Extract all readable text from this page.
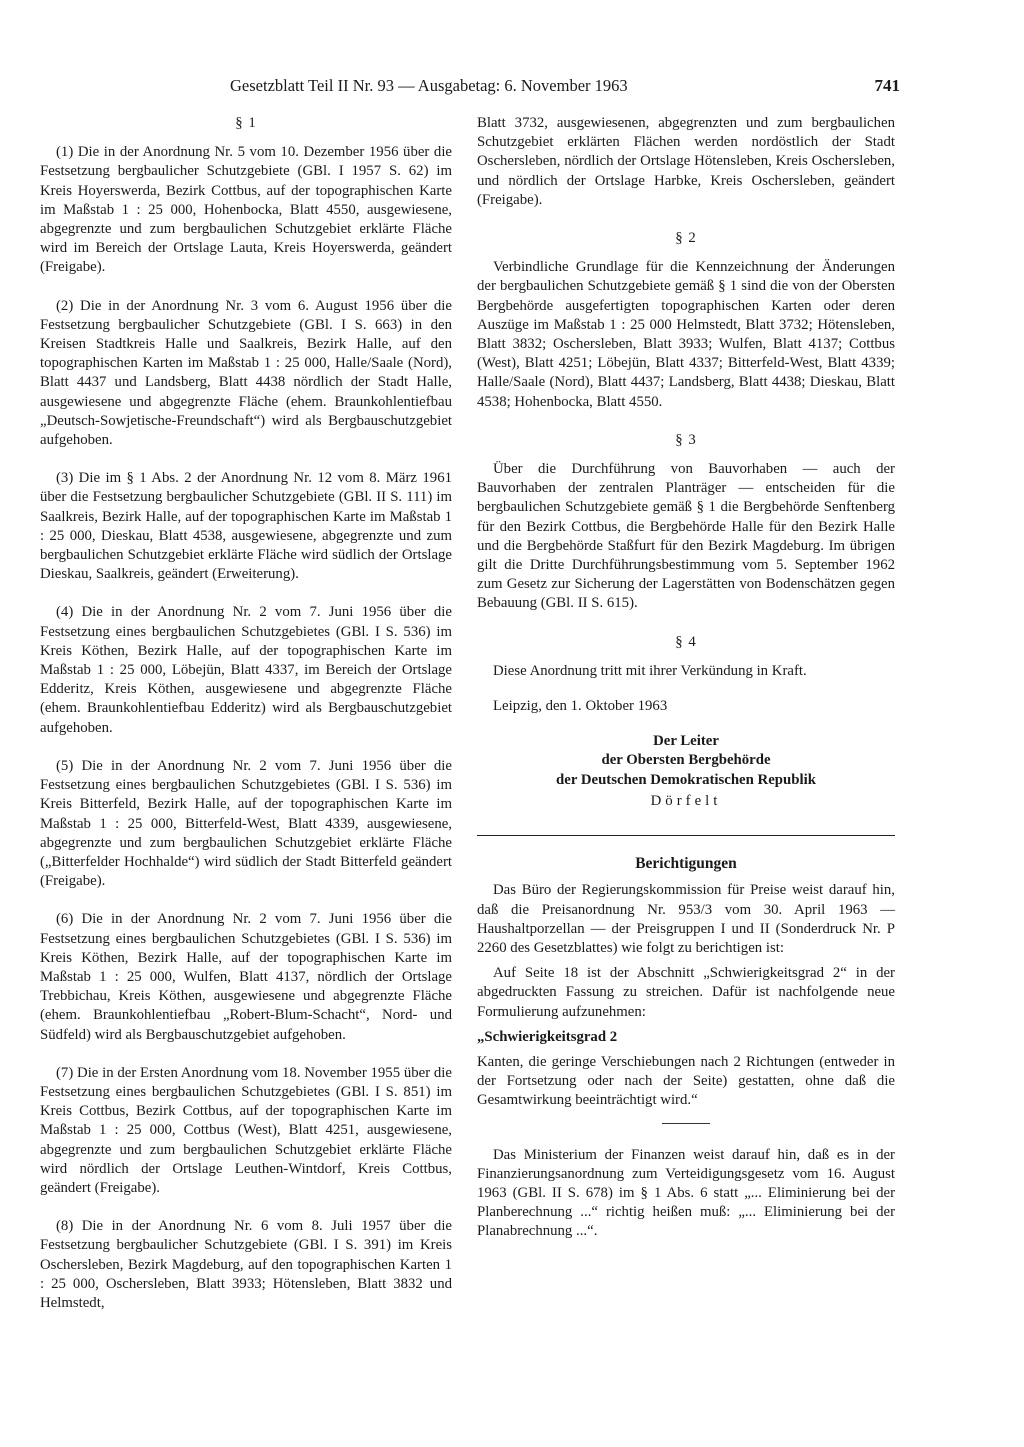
Gesetzblatt Teil II Nr. 93 — Ausgabetag: 6. November 1963	741

§ 1

(1) Die in der Anordnung Nr. 5 vom 10. Dezember 1956 über die Festsetzung bergbaulicher Schutzgebiete (GBl. I 1957 S. 62) im Kreis Hoyerswerda, Bezirk Cottbus, auf der topographischen Karte im Maßstab 1 : 25 000, Hohenbocka, Blatt 4550, ausgewiesene, abgegrenzte und zum bergbaulichen Schutzgebiet erklärte Fläche wird im Bereich der Ortslage Lauta, Kreis Hoyerswerda, geändert (Freigabe).

(2) Die in der Anordnung Nr. 3 vom 6. August 1956 über die Festsetzung bergbaulicher Schutzgebiete (GBl. I S. 663) in den Kreisen Stadtkreis Halle und Saalkreis, Bezirk Halle, auf den topographischen Karten im Maßstab 1 : 25 000, Halle/Saale (Nord), Blatt 4437 und Landsberg, Blatt 4438 nördlich der Stadt Halle, ausgewiesene und abgegrenzte Fläche (ehem. Braunkohlentiefbau „Deutsch-Sowjetische-Freundschaft“) wird als Bergbauschutzgebiet aufgehoben.

(3) Die im § 1 Abs. 2 der Anordnung Nr. 12 vom 8. März 1961 über die Festsetzung bergbaulicher Schutzgebiete (GBl. II S. 111) im Saalkreis, Bezirk Halle, auf der topographischen Karte im Maßstab 1 : 25 000, Dieskau, Blatt 4538, ausgewiesene, abgegrenzte und zum bergbaulichen Schutzgebiet erklärte Fläche wird südlich der Ortslage Dieskau, Saalkreis, geändert (Erweiterung).

(4) Die in der Anordnung Nr. 2 vom 7. Juni 1956 über die Festsetzung eines bergbaulichen Schutzgebietes (GBl. I S. 536) im Kreis Köthen, Bezirk Halle, auf der topographischen Karte im Maßstab 1 : 25 000, Löbejün, Blatt 4337, im Bereich der Ortslage Edderitz, Kreis Köthen, ausgewiesene und abgegrenzte Fläche (ehem. Braunkohlentiefbau Edderitz) wird als Bergbauschutzgebiet aufgehoben.

(5) Die in der Anordnung Nr. 2 vom 7. Juni 1956 über die Festsetzung eines bergbaulichen Schutzgebietes (GBl. I S. 536) im Kreis Bitterfeld, Bezirk Halle, auf der topographischen Karte im Maßstab 1 : 25 000, Bitterfeld-West, Blatt 4339, ausgewiesene, abgegrenzte und zum bergbaulichen Schutzgebiet erklärte Fläche („Bitterfelder Hochhalde“) wird südlich der Stadt Bitterfeld geändert (Freigabe).

(6) Die in der Anordnung Nr. 2 vom 7. Juni 1956 über die Festsetzung eines bergbaulichen Schutzgebietes (GBl. I S. 536) im Kreis Köthen, Bezirk Halle, auf der topographischen Karte im Maßstab 1 : 25 000, Wulfen, Blatt 4137, nördlich der Ortslage Trebbichau, Kreis Köthen, ausgewiesene und abgegrenzte Fläche (ehem. Braunkohlentiefbau „Robert-Blum-Schacht“, Nord- und Südfeld) wird als Bergbauschutzgebiet aufgehoben.

(7) Die in der Ersten Anordnung vom 18. November 1955 über die Festsetzung eines bergbaulichen Schutzgebietes (GBl. I S. 851) im Kreis Cottbus, Bezirk Cottbus, auf der topographischen Karte im Maßstab 1 : 25 000, Cottbus (West), Blatt 4251, ausgewiesene, abgegrenzte und zum bergbaulichen Schutzgebiet erklärte Fläche wird nördlich der Ortslage Leuthen-Wintdorf, Kreis Cottbus, geändert (Freigabe).

(8) Die in der Anordnung Nr. 6 vom 8. Juli 1957 über die Festsetzung bergbaulicher Schutzgebiete (GBl. I S. 391) im Kreis Oschersleben, Bezirk Magdeburg, auf den topographischen Karten 1 : 25 000, Oschersleben, Blatt 3933; Hötensleben, Blatt 3832 und Helmstedt,

Blatt 3732, ausgewiesenen, abgegrenzten und zum bergbaulichen Schutzgebiet erklärten Flächen werden nordöstlich der Stadt Oschersleben, nördlich der Ortslage Hötensleben, Kreis Oschersleben, und nördlich der Ortslage Harbke, Kreis Oschersleben, geändert (Freigabe).

§ 2

Verbindliche Grundlage für die Kennzeichnung der Änderungen der bergbaulichen Schutzgebiete gemäß § 1 sind die von der Obersten Bergbehörde ausgefertigten topographischen Karten oder deren Auszüge im Maßstab 1 : 25 000 Helmstedt, Blatt 3732; Hötensleben, Blatt 3832; Oschersleben, Blatt 3933; Wulfen, Blatt 4137; Cottbus (West), Blatt 4251; Löbejün, Blatt 4337; Bitterfeld-West, Blatt 4339; Halle/Saale (Nord), Blatt 4437; Landsberg, Blatt 4438; Dieskau, Blatt 4538; Hohenbocka, Blatt 4550.

§ 3

Über die Durchführung von Bauvorhaben — auch der Bauvorhaben der zentralen Planträger — entscheiden für die bergbaulichen Schutzgebiete gemäß § 1 die Bergbehörde Senftenberg für den Bezirk Cottbus, die Bergbehörde Halle für den Bezirk Halle und die Bergbehörde Staßfurt für den Bezirk Magdeburg. Im übrigen gilt die Dritte Durchführungsbestimmung vom 5. September 1962 zum Gesetz zur Sicherung der Lagerstätten von Bodenschätzen gegen Bebauung (GBl. II S. 615).

§ 4

Diese Anordnung tritt mit ihrer Verkündung in Kraft.

Leipzig, den 1. Oktober 1963

Der Leiter

der Obersten Bergbehörde

der Deutschen Demokratischen Republik

Dörfelt

Berichtigungen

Das Büro der Regierungskommission für Preise weist darauf hin, daß die Preisanordnung Nr. 953/3 vom 30. April 1963 — Haushaltporzellan — der Preisgruppen I und II (Sonderdruck Nr. P 2260 des Gesetzblattes) wie folgt zu berichtigen ist:

Auf Seite 18 ist der Abschnitt „Schwierigkeitsgrad 2“ in der abgedruckten Fassung zu streichen. Dafür ist nachfolgende neue Formulierung aufzunehmen:

„Schwierigkeitsgrad 2

Kanten, die geringe Verschiebungen nach 2 Richtungen (entweder in der Fortsetzung oder nach der Seite) gestatten, ohne daß die Gesamtwirkung beeinträchtigt wird.“

Das Ministerium der Finanzen weist darauf hin, daß es in der Finanzierungsanordnung zum Verteidigungsgesetz vom 16. August 1963 (GBl. II S. 678) im § 1 Abs. 6 statt „... Eliminierung bei der Planberechnung ...“ richtig heißen muß: „... Eliminierung bei der Planabrechnung ...“.
